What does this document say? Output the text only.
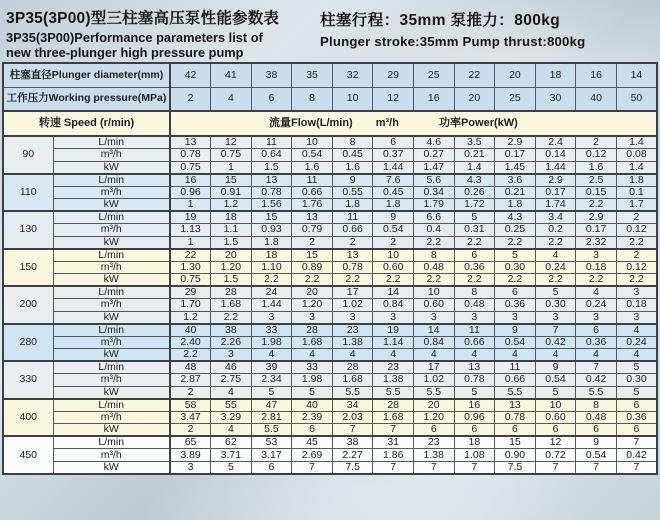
3P35(3P00)型三柱塞高压泵性能参数表
3P35(3P00)Performance parameters list of
new three-plunger high pressure pump
柱塞行程：35mm 泵推力：800kg
Plunger stroke:35mm Pump thrust:800kg
柱塞直径Plunger diameter(mm)		42	41	38	35	32	29	25	22	20	18	16	14
工作压力Working pressure(MPa)		2	4	6	8	10	12	16	20	25	30	40	50
转速 Speed (r/min)		流量Flow(L/min) m³/h 功率Power(kW)											

90	L/min	13	12	11	10	8	6	4.6	3.5	2.9	2.4	2	1.4
	m³/h	0.78	0.75	0.64	0.54	0.45	0.37	0.27	0.21	0.17	0.14	0.12	0.08
	kW	0.75	1	1.5	1.6	1.6	1.44	1.47	1.4	1.45	1.44	1.6	1.4
110	L/min	16	15	13	11	9	7.6	5.6	4.3	3.6	2.9	2.5	1.8
	m³/h	0.96	0.91	0.78	0.66	0.55	0.45	0.34	0.26	0.21	0.17	0.15	0.1
	kW	1	1.2	1.56	1.76	1.8	1.8	1.79	1.72	1.8	1.74	2.2	1.7
130	L/min	19	18	15	13	11	9	6.6	5	4.3	3.4	2.9	2
	m³/h	1.13	1.1	0.93	0.79	0.66	0.54	0.4	0.31	0.25	0.2	0.17	0.12
	kW	1	1.5	1.8	2	2	2	2.2	2.2	2.2	2.2	2.32	2.2
150	L/min	22	20	18	15	13	10	8	6	5	4	3	2
	m³/h	1.30	1.20	1.10	0.89	0.78	0.60	0.48	0.36	0.30	0.24	0.18	0.12
	kW	0.75	1.5	2.2	2.2	2.2	2.2	2.2	2.2	2.2	2.2	2.2	2.2
200	L/min	29	28	24	20	17	14	10	8	6	5	4	3
	m³/h	1.70	1.68	1.44	1.20	1.02	0.84	0.60	0.48	0.36	0.30	0.24	0.18
	kW	1.2	2.2	3	3	3	3	3	3	3	3	3	3
280	L/min	40	38	33	28	23	19	14	11	9	7	6	4
	m³/h	2.40	2.26	1.98	1.68	1.38	1.14	0.84	0.66	0.54	0.42	0.36	0.24
	kW	2.2	3	4	4	4	4	4	4	4	4	4	4
330	L/min	48	46	39	33	28	23	17	13	11	9	7	5
	m³/h	2.87	2.75	2.34	1.98	1.68	1.38	1.02	0.78	0.66	0.54	0.42	0.30
	kW	2	4	5	5	5.5	5.5	5.5	5	5.5	5	5.5	5
400	L/min	58	55	47	40	34	28	20	16	13	10	8	6
	m³/h	3.47	3.29	2.81	2.39	2.03	1.68	1.20	0.96	0.78	0.60	0.48	0.36
	kW	2	4	5.5	6	7	7	6	6	6	6	6	6
450	L/min	65	62	53	45	38	31	23	18	15	12	9	7
	m³/h	3.89	3.71	3.17	2.69	2.27	1.86	1.38	1.08	0.90	0.72	0.54	0.42
	kW	3	5	6	7	7.5	7	7	7	7.5	7	7	7
